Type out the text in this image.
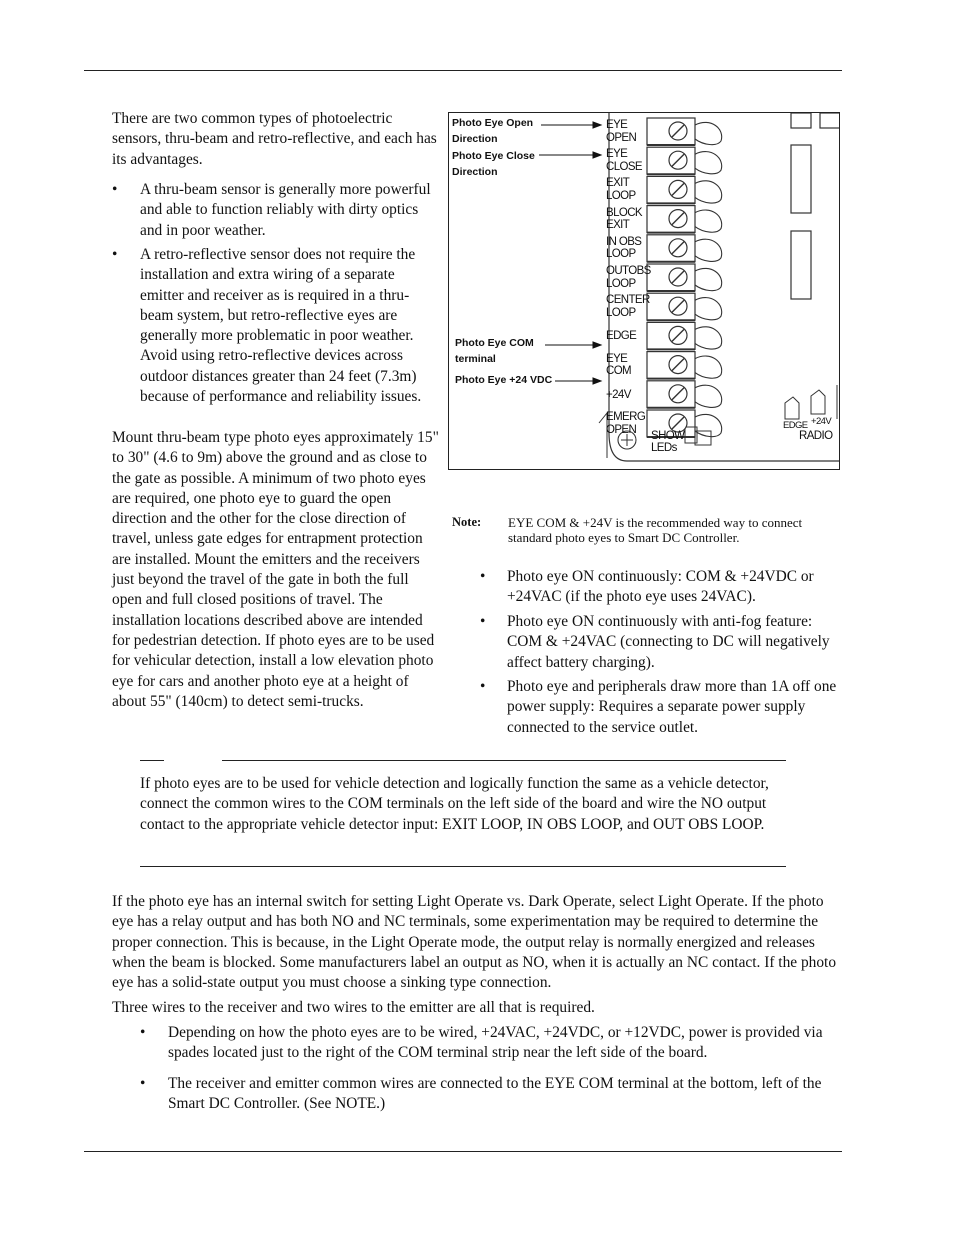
There are two common types of photoelectric sensors, thru-beam and retro-reflective, and each has its advantages.

• A thru-beam sensor is generally more powerful and able to function reliably with dirty optics and in poor weather.
• A retro-reflective sensor does not require the installation and extra wiring of a separate emitter and receiver as is required in a thru-beam system, but retro-reflective eyes are generally more problematic in poor weather. Avoid using retro-reflective devices across outdoor distances greater than 24 feet (7.3m) because of performance and reliability issues.

Mount thru-beam type photo eyes approximately 15" to 30" (4.6 to 9m) above the ground and as close to the gate as possible. A minimum of two photo eyes are required, one photo eye to guard the open direction and the other for the close direction of travel, unless gate edges for entrapment protection are installed. Mount the emitters and the receivers just beyond the travel of the gate in both the full open and full closed positions of travel. The installation locations described above are intended for pedestrian detection. If photo eyes are to be used for vehicular detection, install a low elevation photo eye for cars and another photo eye at a height of about 55" (140cm) to detect semi-trucks.

Photo Eye Open
Direction
Photo Eye Close
Direction
Photo Eye COM
terminal
Photo Eye +24 VDC
EYE
OPEN
EYE
CLOSE
EXIT
LOOP
BLOCK
EXIT
IN OBS
LOOP
OUTOBS
LOOP
CENTER
LOOP
EDGE
EYE
COM
+24V
EMERG
OPEN
SHOW
LEDs
EDGE +24V
RADIO
Note: EYE COM & +24V is the recommended way to connect standard photo eyes to Smart DC Controller.

• Photo eye ON continuously: COM & +24VDC or +24VAC (if the photo eye uses 24VAC).
• Photo eye ON continuously with anti-fog feature: COM & +24VAC (connecting to DC will negatively affect battery charging).
• Photo eye and peripherals draw more than 1A off one power supply: Requires a separate power supply connected to the service outlet.

If photo eyes are to be used for vehicle detection and logically function the same as a vehicle detector, connect the common wires to the COM terminals on the left side of the board and wire the NO output contact to the appropriate vehicle detector input: EXIT LOOP, IN OBS LOOP, and OUT OBS LOOP.

If the photo eye has an internal switch for setting Light Operate vs. Dark Operate, select Light Operate. If the photo eye has a relay output and has both NO and NC terminals, some experimentation may be required to determine the proper connection. This is because, in the Light Operate mode, the output relay is normally energized and releases when the beam is blocked. Some manufacturers label an output as NO, when it is actually an NC contact. If the photo eye has a solid-state output you must choose a sinking type connection.

Three wires to the receiver and two wires to the emitter are all that is required.

• Depending on how the photo eyes are to be wired, +24VAC, +24VDC, or +12VDC, power is provided via spades located just to the right of the COM terminal strip near the left side of the board.
• The receiver and emitter common wires are connected to the EYE COM terminal at the bottom, left of the Smart DC Controller. (See NOTE.)
